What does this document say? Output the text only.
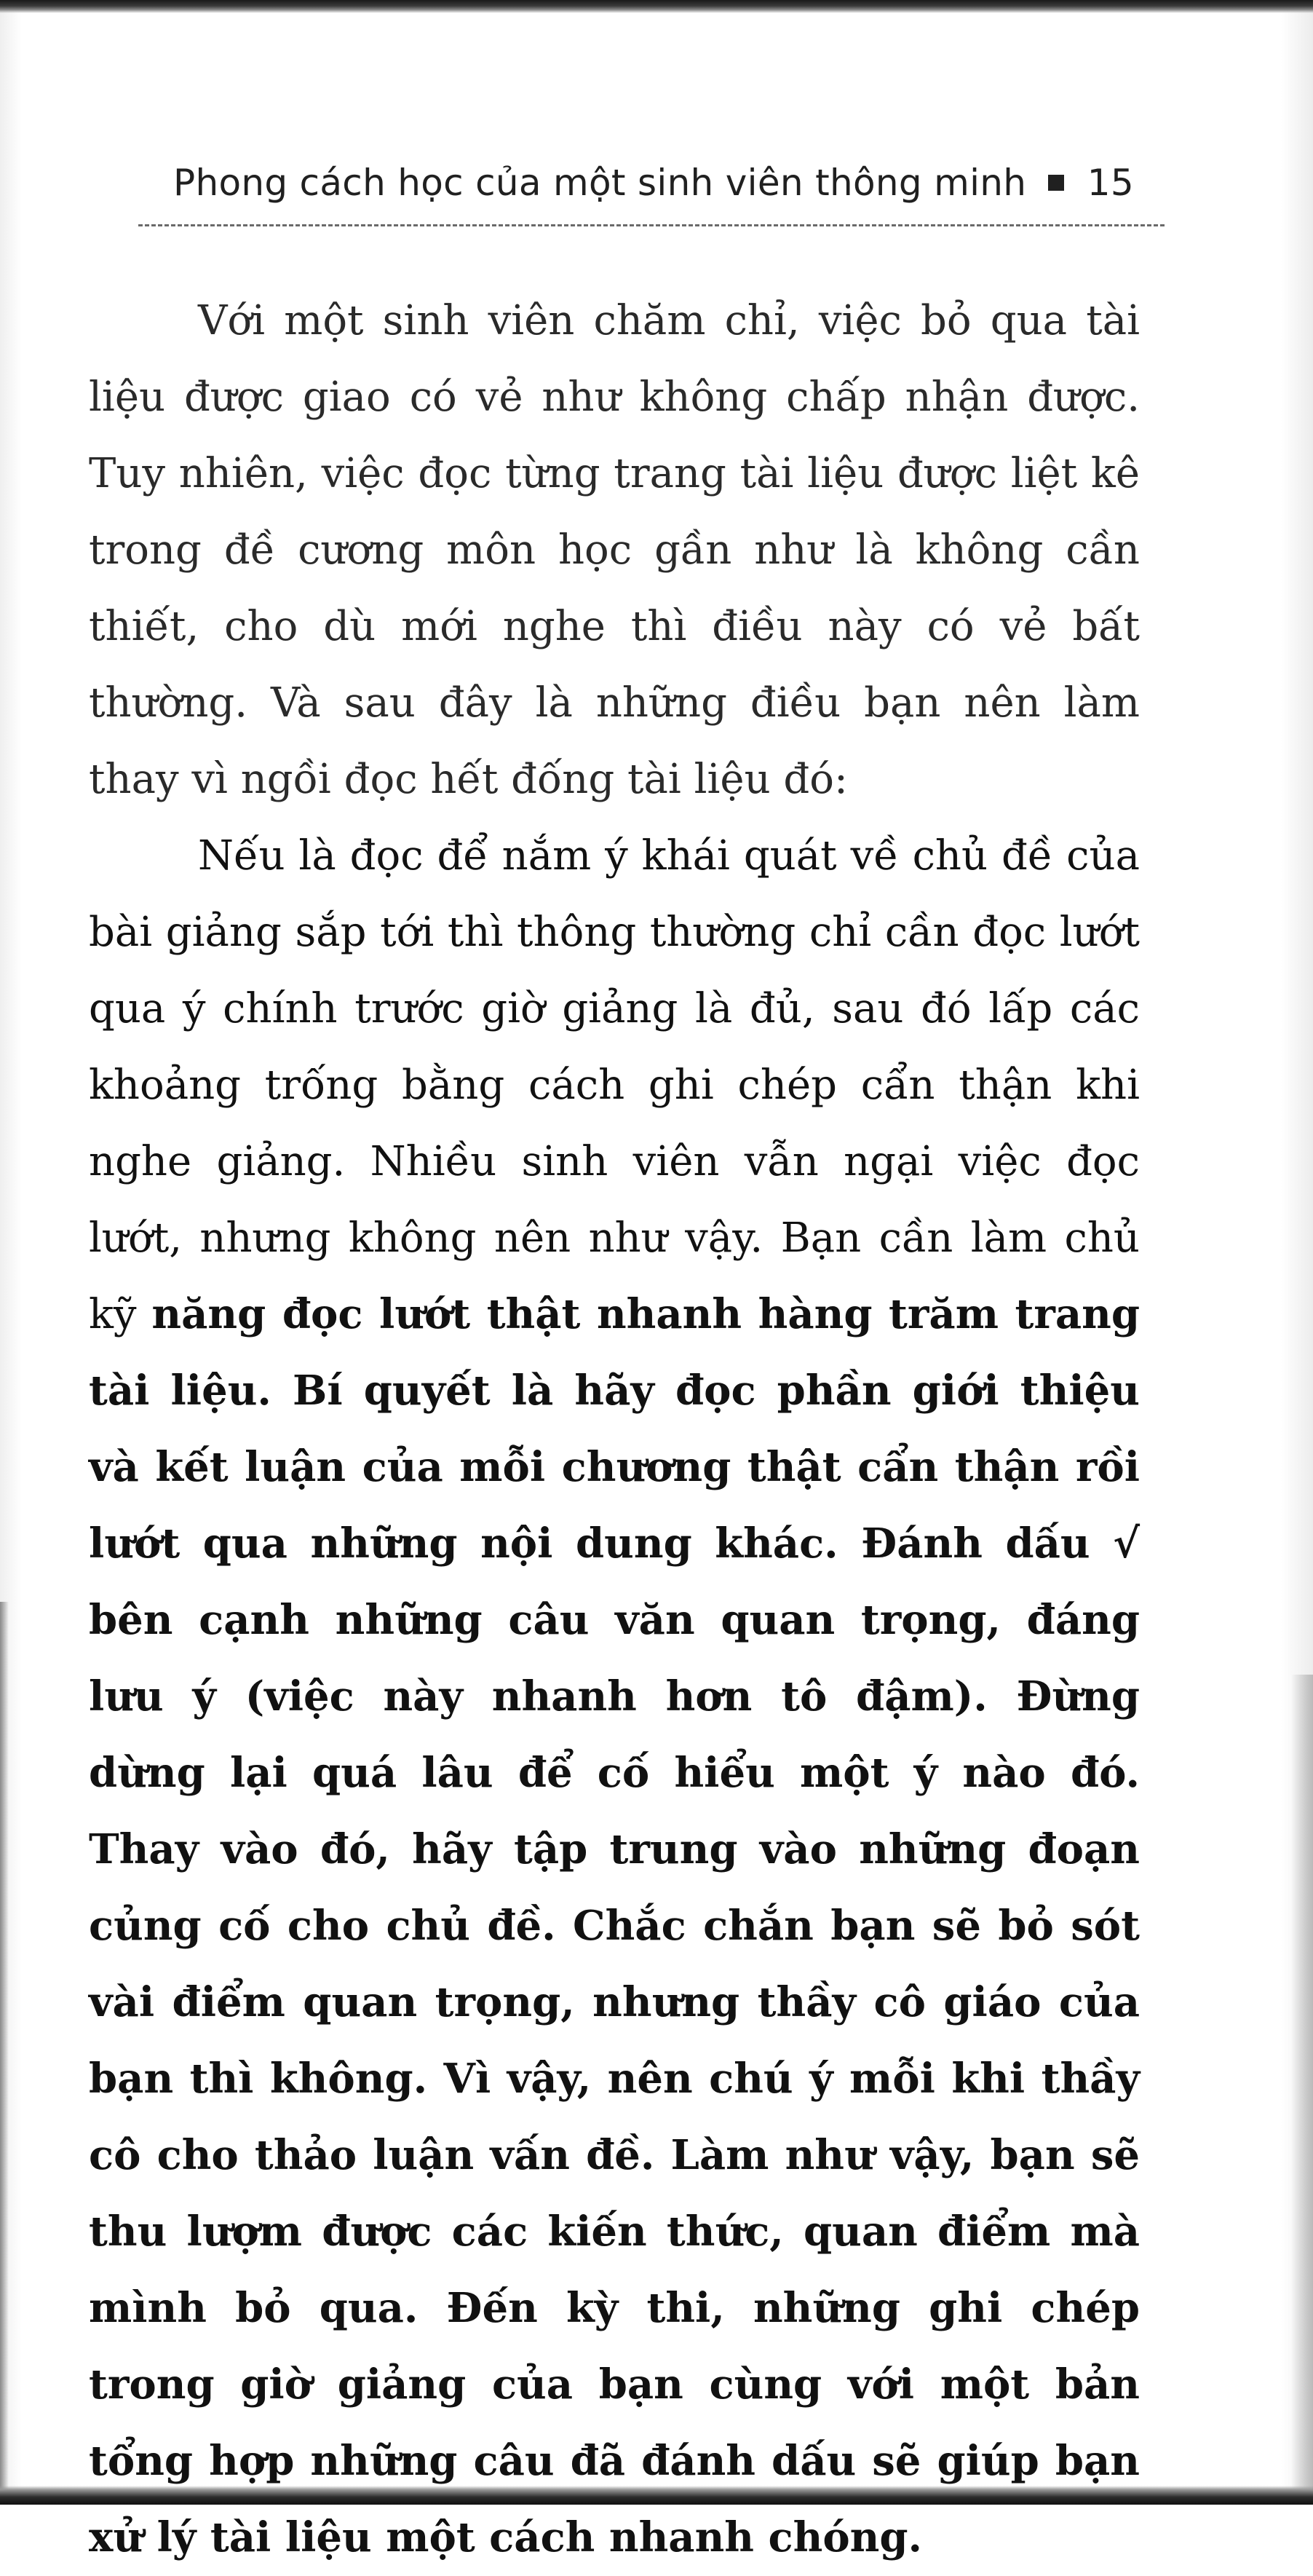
Phong cách học của một sinh viên thông minh 15

Với một sinh viên chăm chỉ, việc bỏ qua tài liệu được giao có vẻ như không chấp nhận được. Tuy nhiên, việc đọc từng trang tài liệu được liệt kê trong đề cương môn học gần như là không cần thiết, cho dù mới nghe thì điều này có vẻ bất thường. Và sau đây là những điều bạn nên làm thay vì ngồi đọc hết đống tài liệu đó:

Nếu là đọc để nắm ý khái quát về chủ đề của bài giảng sắp tới thì thông thường chỉ cần đọc lướt qua ý chính trước giờ giảng là đủ, sau đó lấp các khoảng trống bằng cách ghi chép cẩn thận khi nghe giảng. Nhiều sinh viên vẫn ngại việc đọc lướt, nhưng không nên như vậy. Bạn cần làm chủ kỹ năng đọc lướt thật nhanh hàng trăm trang tài liệu. Bí quyết là hãy đọc phần giới thiệu và kết luận của mỗi chương thật cẩn thận rồi lướt qua những nội dung khác. Đánh dấu √ bên cạnh những câu văn quan trọng, đáng lưu ý (việc này nhanh hơn tô đậm). Đừng dừng lại quá lâu để cố hiểu một ý nào đó. Thay vào đó, hãy tập trung vào những đoạn củng cố cho chủ đề. Chắc chắn bạn sẽ bỏ sót vài điểm quan trọng, nhưng thầy cô giáo của bạn thì không. Vì vậy, nên chú ý mỗi khi thầy cô cho thảo luận vấn đề. Làm như vậy, bạn sẽ thu lượm được các kiến thức, quan điểm mà mình bỏ qua. Đến kỳ thi, những ghi chép trong giờ giảng của bạn cùng với một bản tổng hợp những câu đã đánh dấu sẽ giúp bạn xử lý tài liệu một cách nhanh chóng.
